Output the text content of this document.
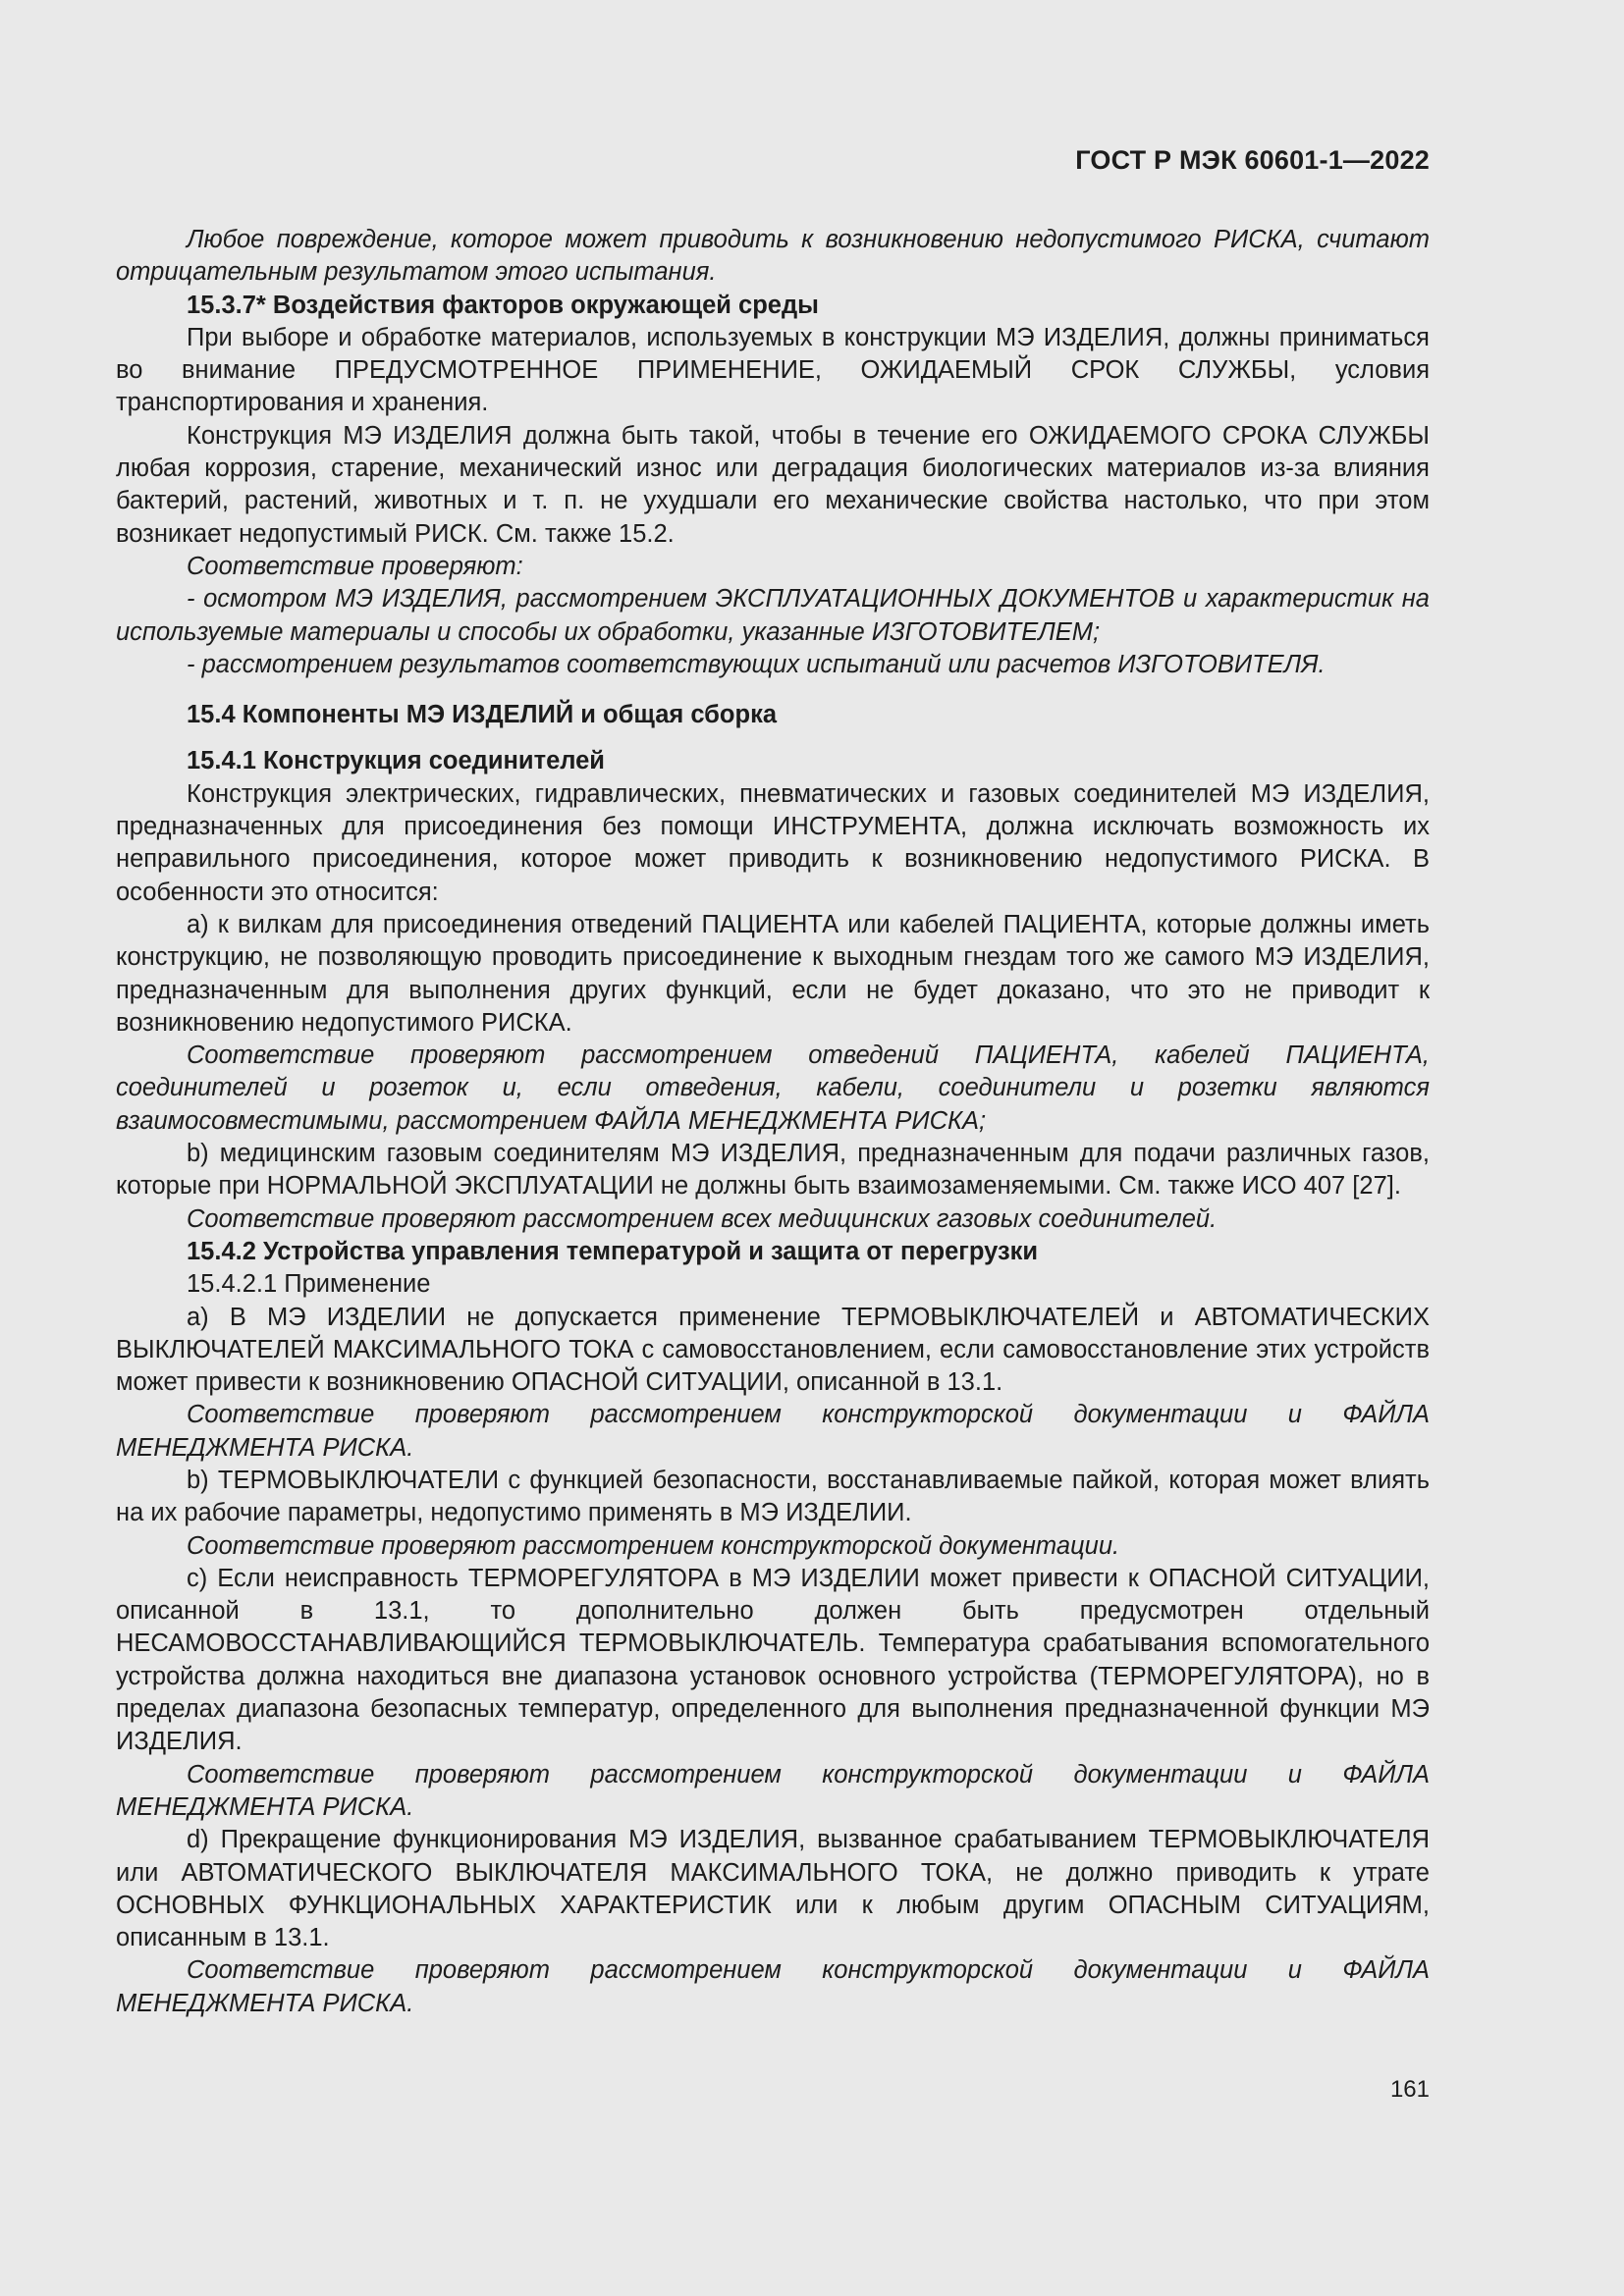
ГОСТ Р МЭК 60601-1—2022

Любое повреждение, которое может приводить к возникновению недопустимого РИСКА, считают отрицательным результатом этого испытания.

15.3.7* Воздействия факторов окружающей среды

При выборе и обработке материалов, используемых в конструкции МЭ ИЗДЕЛИЯ, должны приниматься во внимание ПРЕДУСМОТРЕННОЕ ПРИМЕНЕНИЕ, ОЖИДАЕМЫЙ СРОК СЛУЖБЫ, условия транспортирования и хранения.

Конструкция МЭ ИЗДЕЛИЯ должна быть такой, чтобы в течение его ОЖИДАЕМОГО СРОКА СЛУЖБЫ любая коррозия, старение, механический износ или деградация биологических материалов из-за влияния бактерий, растений, животных и т. п. не ухудшали его механические свойства настолько, что при этом возникает недопустимый РИСК. См. также 15.2.

Соответствие проверяют:

- осмотром МЭ ИЗДЕЛИЯ, рассмотрением ЭКСПЛУАТАЦИОННЫХ ДОКУМЕНТОВ и характеристик на используемые материалы и способы их обработки, указанные ИЗГОТОВИТЕЛЕМ;

- рассмотрением результатов соответствующих испытаний или расчетов ИЗГОТОВИТЕЛЯ.

15.4 Компоненты МЭ ИЗДЕЛИЙ и общая сборка

15.4.1 Конструкция соединителей

Конструкция электрических, гидравлических, пневматических и газовых соединителей МЭ ИЗДЕЛИЯ, предназначенных для присоединения без помощи ИНСТРУМЕНТА, должна исключать возможность их неправильного присоединения, которое может приводить к возникновению недопустимого РИСКА. В особенности это относится:

a) к вилкам для присоединения отведений ПАЦИЕНТА или кабелей ПАЦИЕНТА, которые должны иметь конструкцию, не позволяющую проводить присоединение к выходным гнездам того же самого МЭ ИЗДЕЛИЯ, предназначенным для выполнения других функций, если не будет доказано, что это не приводит к возникновению недопустимого РИСКА.

Соответствие проверяют рассмотрением отведений ПАЦИЕНТА, кабелей ПАЦИЕНТА, соединителей и розеток и, если отведения, кабели, соединители и розетки являются взаимосовместимыми, рассмотрением ФАЙЛА МЕНЕДЖМЕНТА РИСКА;

b) медицинским газовым соединителям МЭ ИЗДЕЛИЯ, предназначенным для подачи различных газов, которые при НОРМАЛЬНОЙ ЭКСПЛУАТАЦИИ не должны быть взаимозаменяемыми. См. также ИСО 407 [27].

Соответствие проверяют рассмотрением всех медицинских газовых соединителей.

15.4.2 Устройства управления температурой и защита от перегрузки

15.4.2.1 Применение

a) В МЭ ИЗДЕЛИИ не допускается применение ТЕРМОВЫКЛЮЧАТЕЛЕЙ и АВТОМАТИЧЕСКИХ ВЫКЛЮЧАТЕЛЕЙ МАКСИМАЛЬНОГО ТОКА с самовосстановлением, если самовосстановление этих устройств может привести к возникновению ОПАСНОЙ СИТУАЦИИ, описанной в 13.1.

Соответствие проверяют рассмотрением конструкторской документации и ФАЙЛА МЕНЕДЖМЕНТА РИСКА.

b) ТЕРМОВЫКЛЮЧАТЕЛИ с функцией безопасности, восстанавливаемые пайкой, которая может влиять на их рабочие параметры, недопустимо применять в МЭ ИЗДЕЛИИ.

Соответствие проверяют рассмотрением конструкторской документации.

c) Если неисправность ТЕРМОРЕГУЛЯТОРА в МЭ ИЗДЕЛИИ может привести к ОПАСНОЙ СИТУАЦИИ, описанной в 13.1, то дополнительно должен быть предусмотрен отдельный НЕСАМОВОССТАНАВЛИВАЮЩИЙСЯ ТЕРМОВЫКЛЮЧАТЕЛЬ. Температура срабатывания вспомогательного устройства должна находиться вне диапазона установок основного устройства (ТЕРМОРЕГУЛЯТОРА), но в пределах диапазона безопасных температур, определенного для выполнения предназначенной функции МЭ ИЗДЕЛИЯ.

Соответствие проверяют рассмотрением конструкторской документации и ФАЙЛА МЕНЕДЖМЕНТА РИСКА.

d) Прекращение функционирования МЭ ИЗДЕЛИЯ, вызванное срабатыванием ТЕРМОВЫКЛЮЧАТЕЛЯ или АВТОМАТИЧЕСКОГО ВЫКЛЮЧАТЕЛЯ МАКСИМАЛЬНОГО ТОКА, не должно приводить к утрате ОСНОВНЫХ ФУНКЦИОНАЛЬНЫХ ХАРАКТЕРИСТИК или к любым другим ОПАСНЫМ СИТУАЦИЯМ, описанным в 13.1.

Соответствие проверяют рассмотрением конструкторской документации и ФАЙЛА МЕНЕДЖМЕНТА РИСКА.

161
